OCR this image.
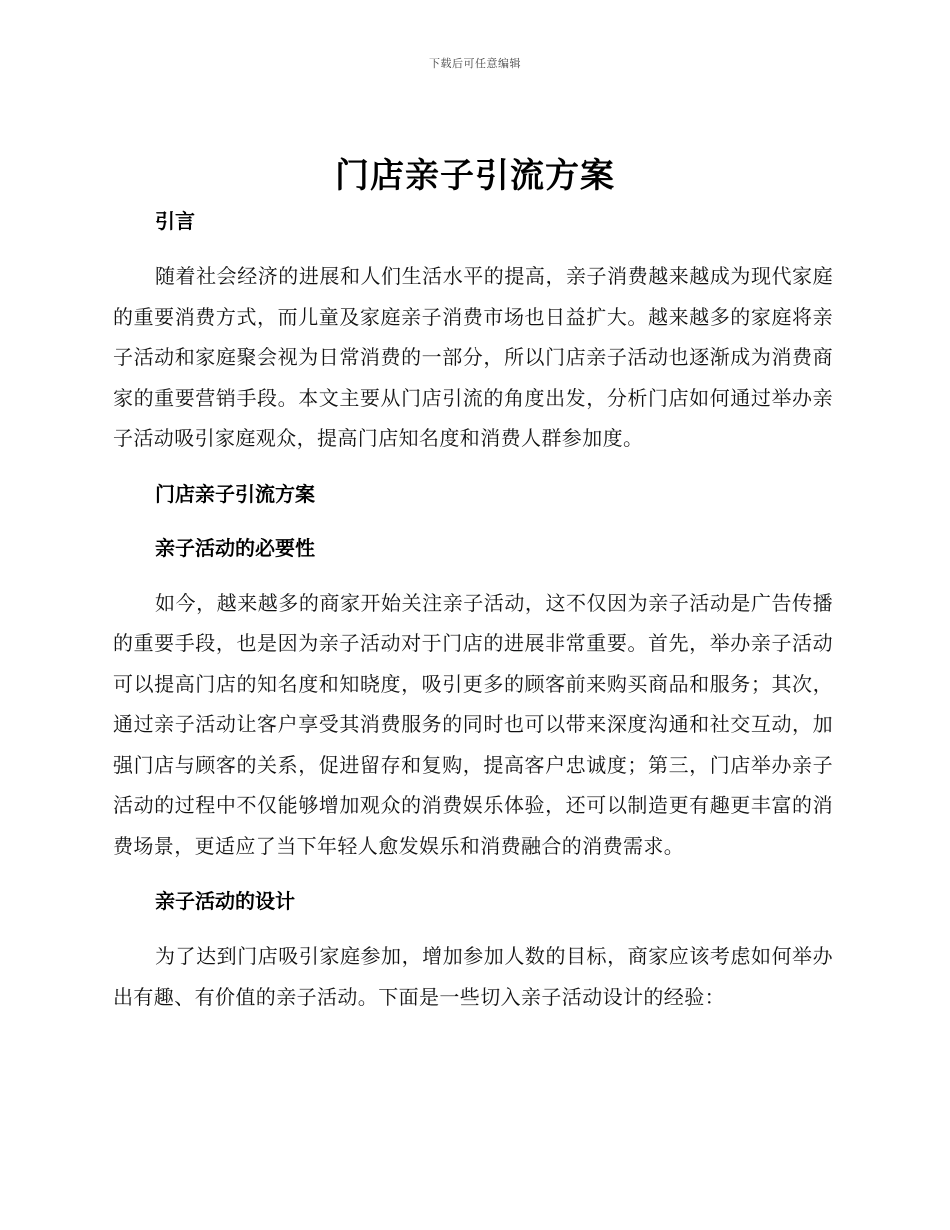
下载后可任意编辑
门店亲子引流方案
引言

随着社会经济的进展和人们生活水平的提高，亲子消费越来越成为现代家庭的重要消费方式，而儿童及家庭亲子消费市场也日益扩大。越来越多的家庭将亲子活动和家庭聚会视为日常消费的一部分，所以门店亲子活动也逐渐成为消费商家的重要营销手段。本文主要从门店引流的角度出发，分析门店如何通过举办亲子活动吸引家庭观众，提高门店知名度和消费人群参加度。

门店亲子引流方案
亲子活动的必要性

如今，越来越多的商家开始关注亲子活动，这不仅因为亲子活动是广告传播的重要手段，也是因为亲子活动对于门店的进展非常重要。首先，举办亲子活动可以提高门店的知名度和知晓度，吸引更多的顾客前来购买商品和服务；其次，通过亲子活动让客户享受其消费服务的同时也可以带来深度沟通和社交互动，加强门店与顾客的关系，促进留存和复购，提高客户忠诚度；第三，门店举办亲子活动的过程中不仅能够增加观众的消费娱乐体验，还可以制造更有趣更丰富的消费场景，更适应了当下年轻人愈发娱乐和消费融合的消费需求。

亲子活动的设计

为了达到门店吸引家庭参加，增加参加人数的目标，商家应该考虑如何举办出有趣、有价值的亲子活动。下面是一些切入亲子活动设计的经验：
